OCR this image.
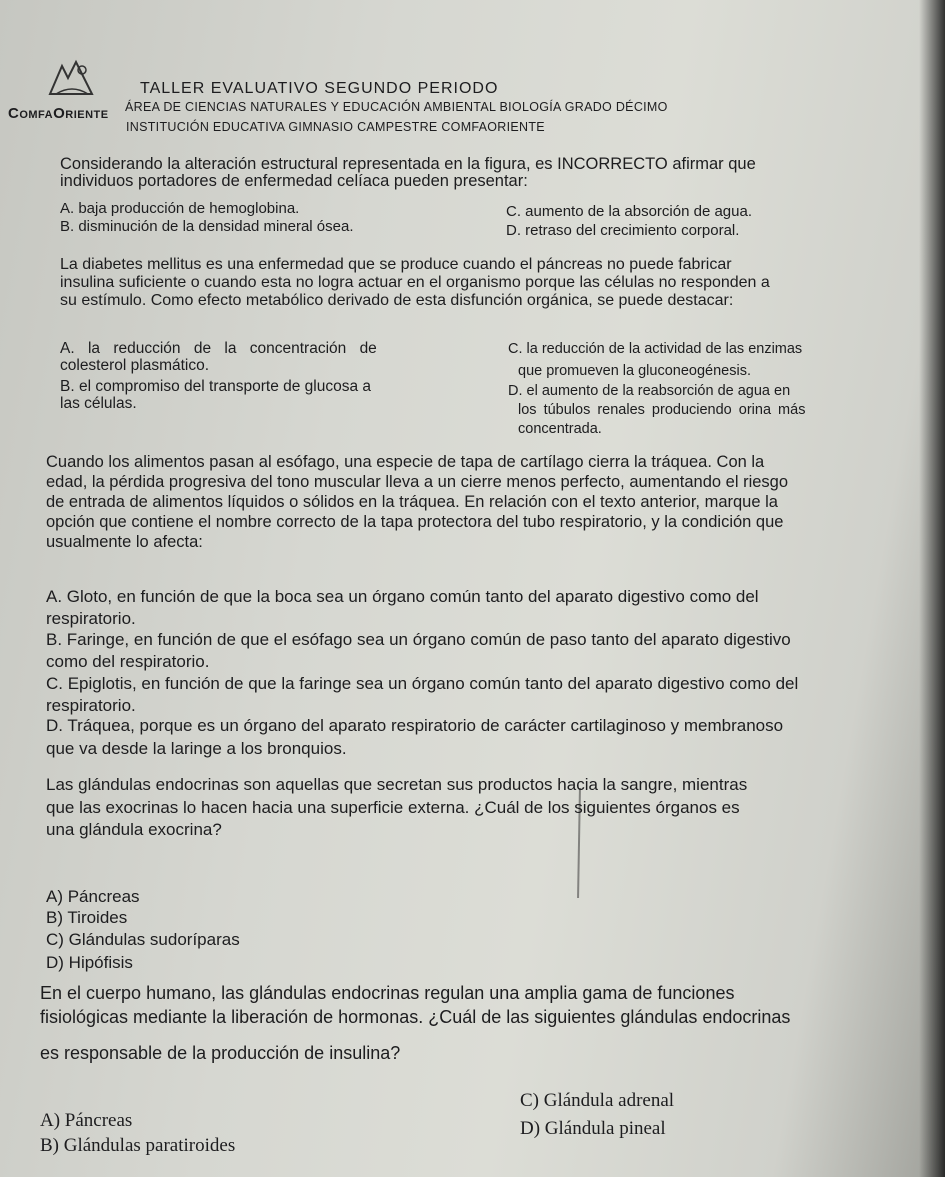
ComfaOriente
TALLER EVALUATIVO SEGUNDO PERIODO
ÁREA DE CIENCIAS NATURALES Y EDUCACIÓN AMBIENTAL BIOLOGÍA GRADO DÉCIMO
INSTITUCIÓN EDUCATIVA GIMNASIO CAMPESTRE COMFAORIENTE
Considerando la alteración estructural representada en la figura, es INCORRECTO afirmar que
individuos portadores de enfermedad celíaca pueden presentar:
A. baja producción de hemoglobina.
B. disminución de la densidad mineral ósea.
C. aumento de la absorción de agua.
D. retraso del crecimiento corporal.
La diabetes mellitus es una enfermedad que se produce cuando el páncreas no puede fabricar
insulina suficiente o cuando esta no logra actuar en el organismo porque las células no responden a
su estímulo. Como efecto metabólico derivado de esta disfunción orgánica, se puede destacar:
A. la reducción de la concentración de
colesterol plasmático.
B. el compromiso del transporte de glucosa a
las células.
C. la reducción de la actividad de las enzimas
que promueven la gluconeogénesis.
D. el aumento de la reabsorción de agua en
los túbulos renales produciendo orina más
concentrada.
Cuando los alimentos pasan al esófago, una especie de tapa de cartílago cierra la tráquea. Con la
edad, la pérdida progresiva del tono muscular lleva a un cierre menos perfecto, aumentando el riesgo
de entrada de alimentos líquidos o sólidos en la tráquea. En relación con el texto anterior, marque la
opción que contiene el nombre correcto de la tapa protectora del tubo respiratorio, y la condición que
usualmente lo afecta:
A. Gloto, en función de que la boca sea un órgano común tanto del aparato digestivo como del
respiratorio.
B. Faringe, en función de que el esófago sea un órgano común de paso tanto del aparato digestivo
como del respiratorio.
C. Epiglotis, en función de que la faringe sea un órgano común tanto del aparato digestivo como del
respiratorio.
D. Tráquea, porque es un órgano del aparato respiratorio de carácter cartilaginoso y membranoso
que va desde la laringe a los bronquios.
Las glándulas endocrinas son aquellas que secretan sus productos hacia la sangre, mientras
que las exocrinas lo hacen hacia una superficie externa. ¿Cuál de los siguientes órganos es
una glándula exocrina?
A) Páncreas
B) Tiroides
C) Glándulas sudoríparas
D) Hipófisis
En el cuerpo humano, las glándulas endocrinas regulan una amplia gama de funciones
fisiológicas mediante la liberación de hormonas. ¿Cuál de las siguientes glándulas endocrinas
es responsable de la producción de insulina?
A) Páncreas
B) Glándulas paratiroides
C) Glándula adrenal
D) Glándula pineal
